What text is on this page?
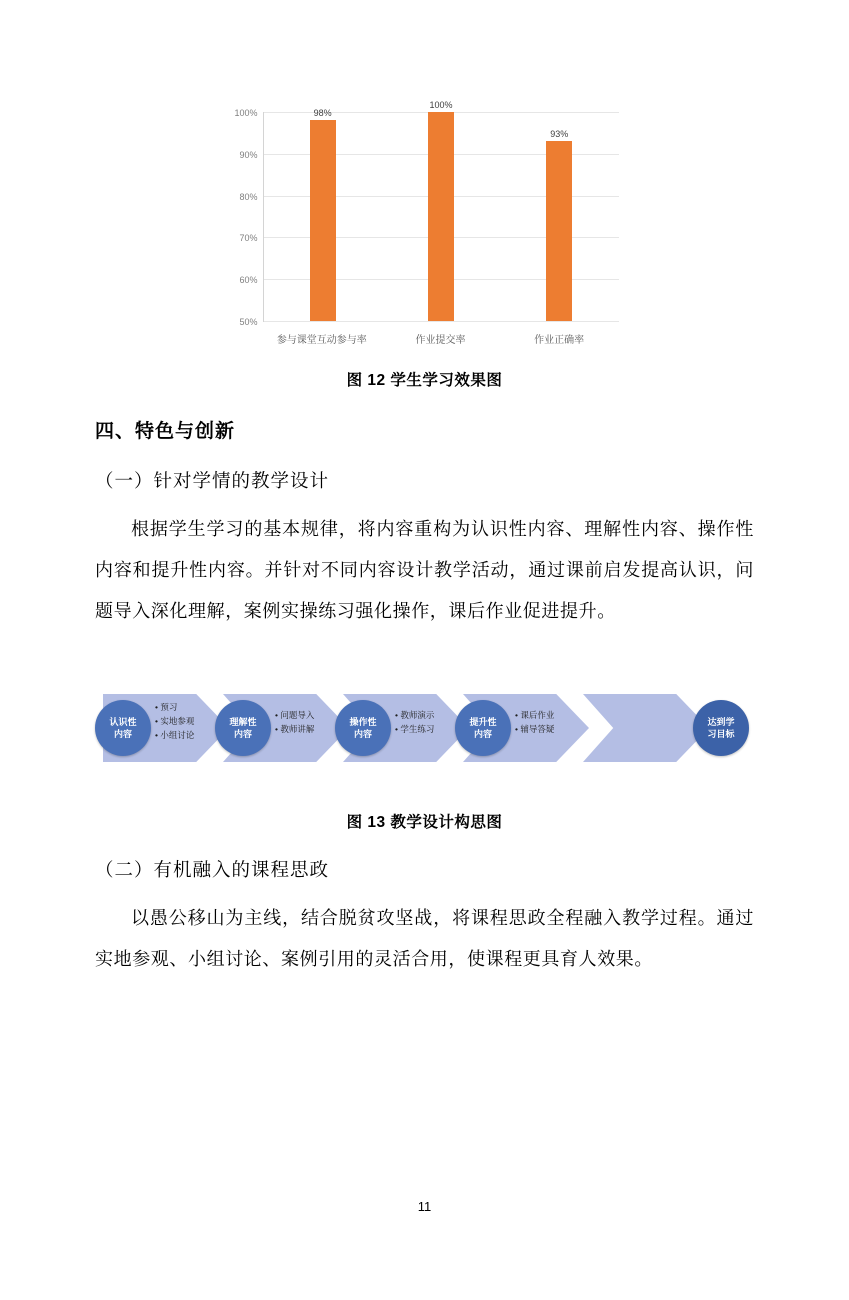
100%
90%
80%
70%
60%
50%
98%
100%
93%
参与课堂互动参与率	作业提交率	作业正确率
图 12 学生学习效果图
四、特色与创新
（一）针对学情的教学设计

根据学生学习的基本规律，将内容重构为认识性内容、理解性内容、操作性内容和提升性内容。并针对不同内容设计教学活动，通过课前启发提高认识，问题导入深化理解，案例实操练习强化操作，课后作业促进提升。

认识性
内容
理解性
内容
操作性
内容
提升性
内容
达到学
习目标
• 预习
• 实地参观
• 小组讨论
• 问题导入
• 教师讲解
• 教师演示
• 学生练习
• 课后作业
• 辅导答疑
图 13 教学设计构思图
（二）有机融入的课程思政

以愚公移山为主线，结合脱贫攻坚战，将课程思政全程融入教学过程。通过实地参观、小组讨论、案例引用的灵活合用，使课程更具育人效果。

11
